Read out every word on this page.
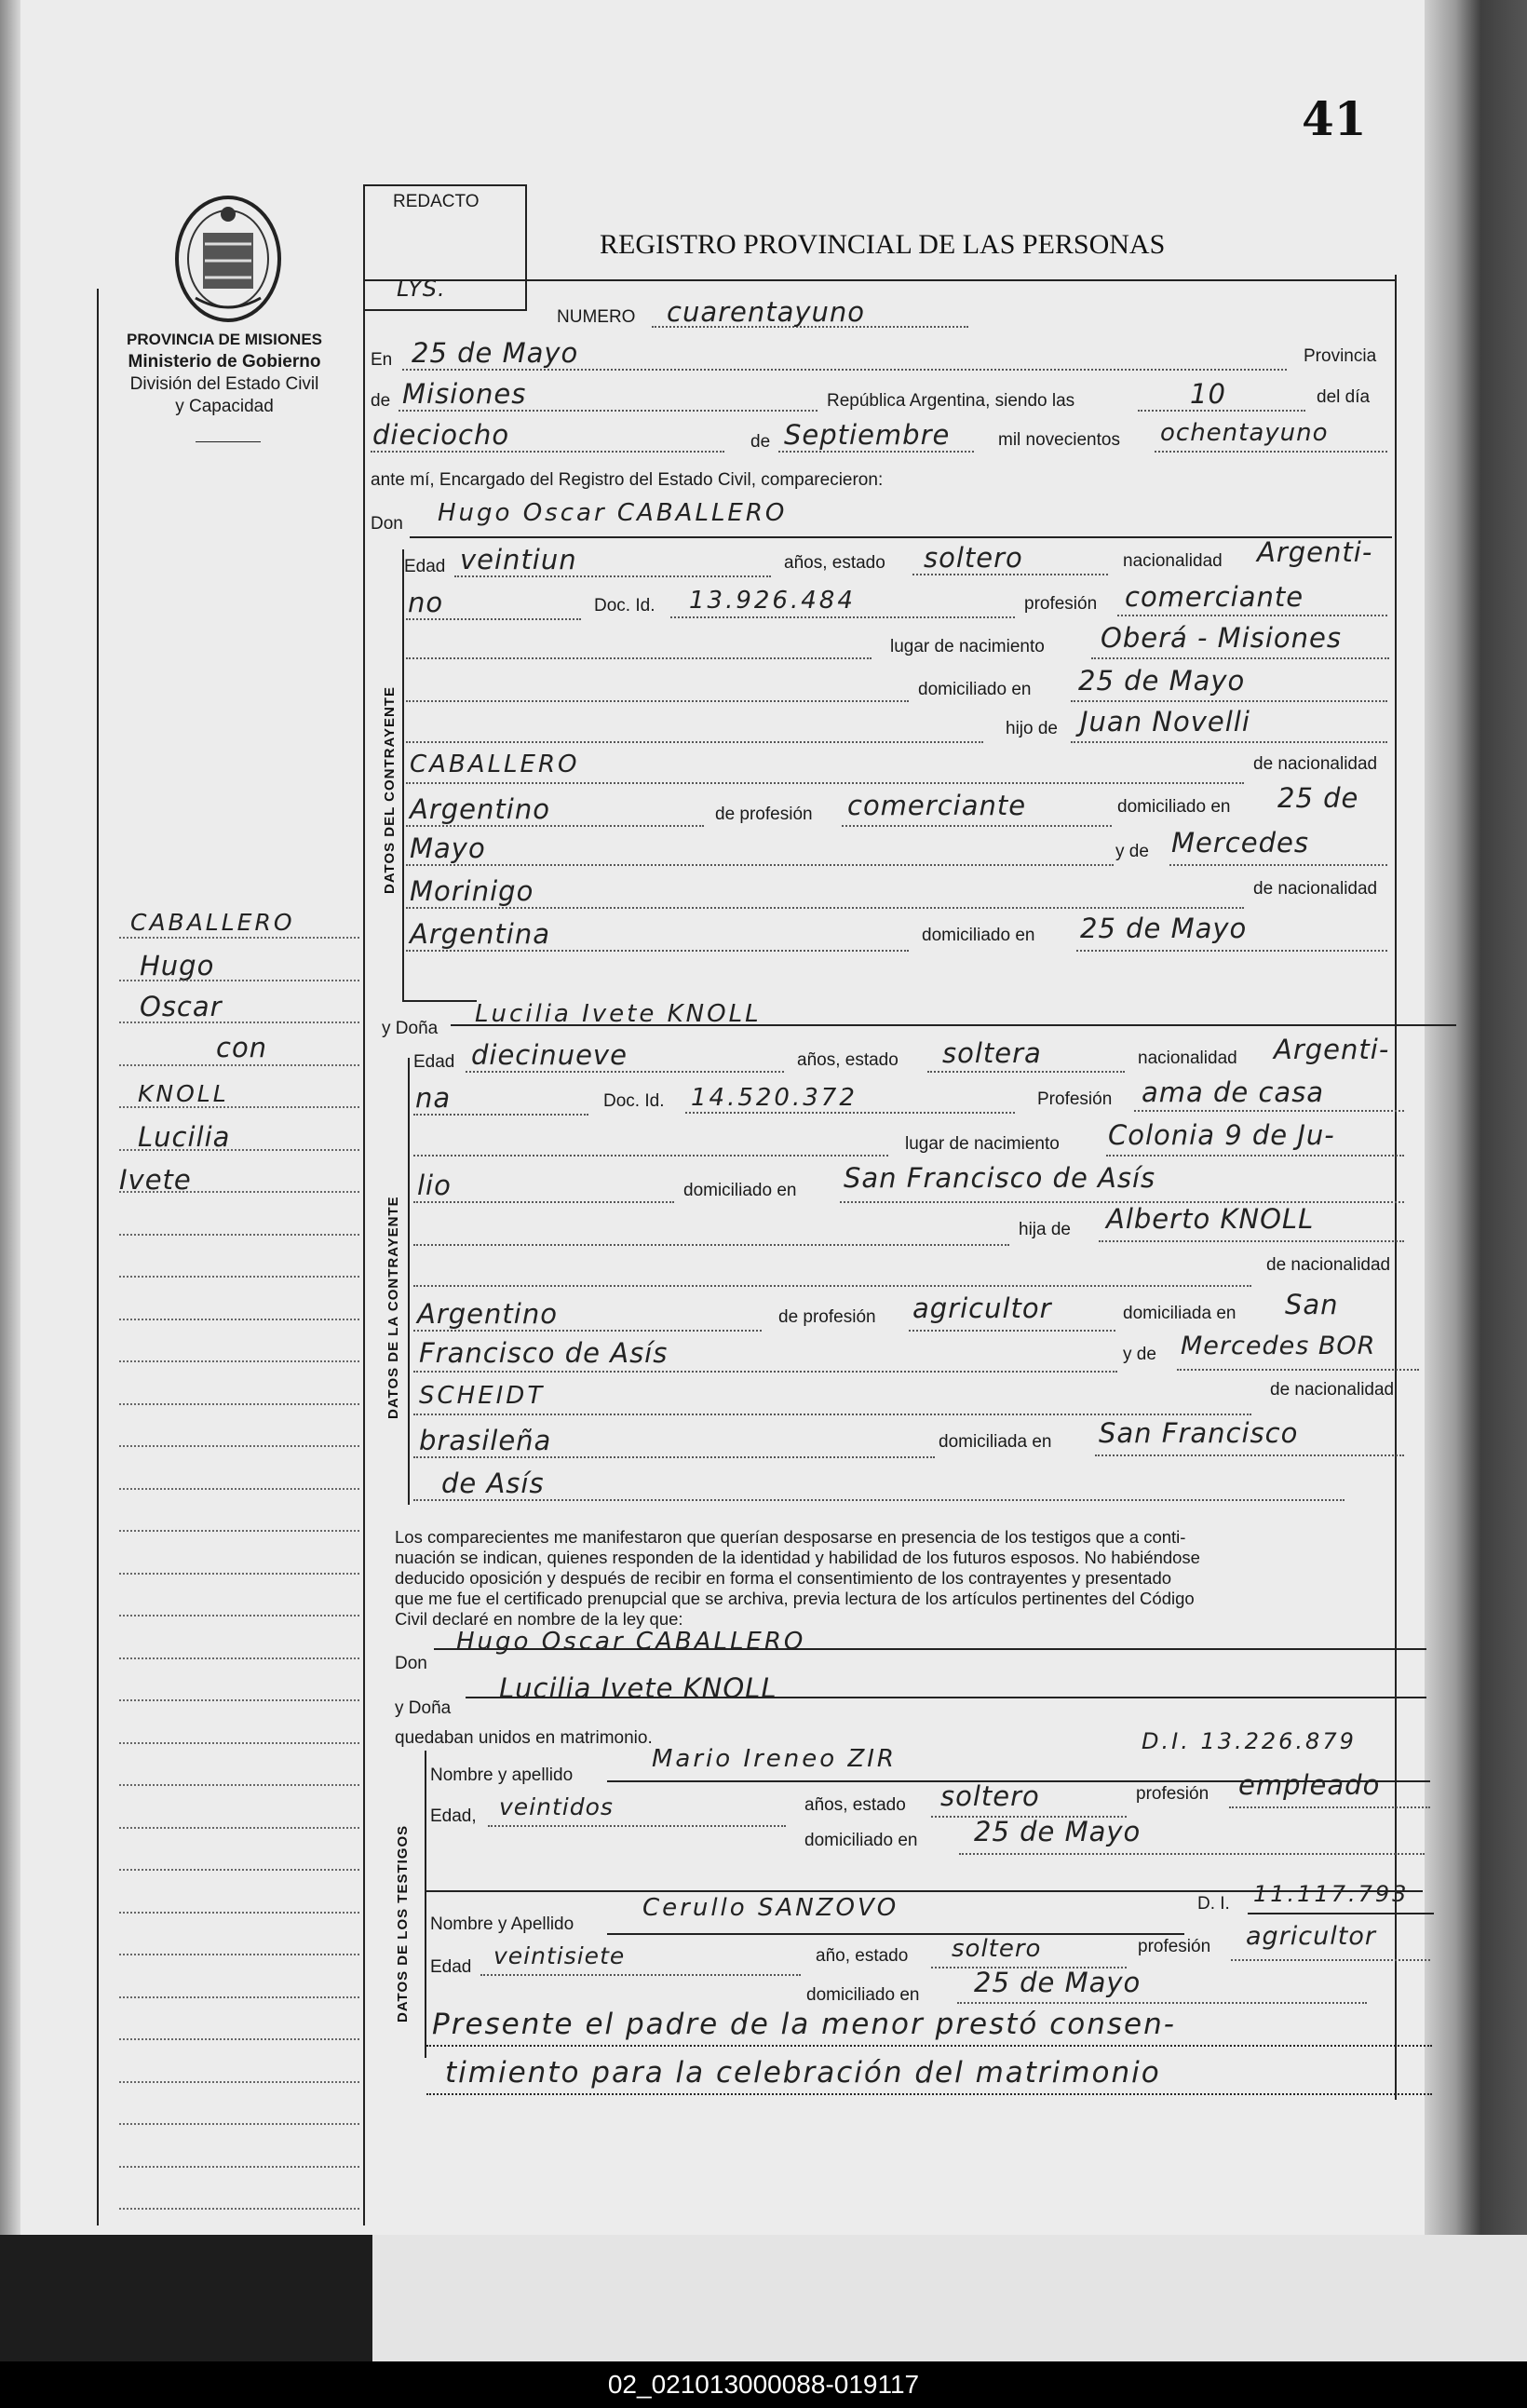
41
PROVINCIA DE MISIONES
Ministerio de Gobierno
División del Estado Civil
y Capacidad
REDACTO
LYS.
REGISTRO PROVINCIAL DE LAS PERSONAS
NUMERO cuarentayuno
En 25 de Mayo	Provincia
de Misiones	República Argentina, siendo las	10	del día
dieciocho	de Septiembre	mil novecientos ochentayuno
ante mí, Encargado del Registro del Estado Civil, comparecieron:
Don Hugo Oscar CABALLERO
DATOS DEL CONTRAYENTE
Edad veintiun	años, estado soltero	nacionalidad Argenti-
no	Doc. Id. 13.926.484	profesión comerciante
lugar de nacimiento Oberá - Misiones
domiciliado en 25 de Mayo
hijo de Juan Novelli
CABALLERO	de nacionalidad
Argentino	de profesión comerciante	domiciliado en 25 de
Mayo	y de Mercedes
Morinigo	de nacionalidad
Argentina	domiciliado en 25 de Mayo
y Doña
Lucilia Ivete KNOLL
DATOS DE LA CONTRAYENTE
Edad diecinueve	años, estado soltera	nacionalidad Argenti-
na	Doc. Id. 14.520.372	Profesión ama de casa
lugar de nacimiento Colonia 9 de Ju-
lio	domiciliado en San Francisco de Asís
hija de Alberto KNOLL
de nacionalidad
Argentino	de profesión agricultor	domiciliada en San
Francisco de Asís	y de Mercedes BOR
SCHEIDT	de nacionalidad
brasileña	domiciliada en San Francisco
de Asís
CABALLERO
Hugo
Oscar
con
KNOLL
Lucilia
Ivete
Los comparecientes me manifestaron que querían desposarse en presencia de los testigos que a conti-
nuación se indican, quienes responden de la identidad y habilidad de los futuros esposos. No habiéndose
deducido oposición y después de recibir en forma el consentimiento de los contrayentes y presentado
que me fue el certificado prenupcial que se archiva, previa lectura de los artículos pertinentes del Código
Civil declaré en nombre de la ley que:
Don
Hugo Oscar CABALLERO
y Doña
Lucilia Ivete KNOLL
quedaban unidos en matrimonio.
DATOS DE LOS TESTIGOS
Nombre y apellido
Mario Ireneo ZIR
D.I. 13.226.879
Edad, veintidos	años, estado soltero	profesión empleado
domiciliado en 25 de Mayo
Nombre y Apellido
Cerullo SANZOVO	D. I. 11.117.793
Edad veintisiete	año, estado soltero	profesión agricultor
domiciliado en 25 de Mayo
Presente el padre de la menor prestó consen-
timiento para la celebración del matrimonio
02_021013000088-019117
